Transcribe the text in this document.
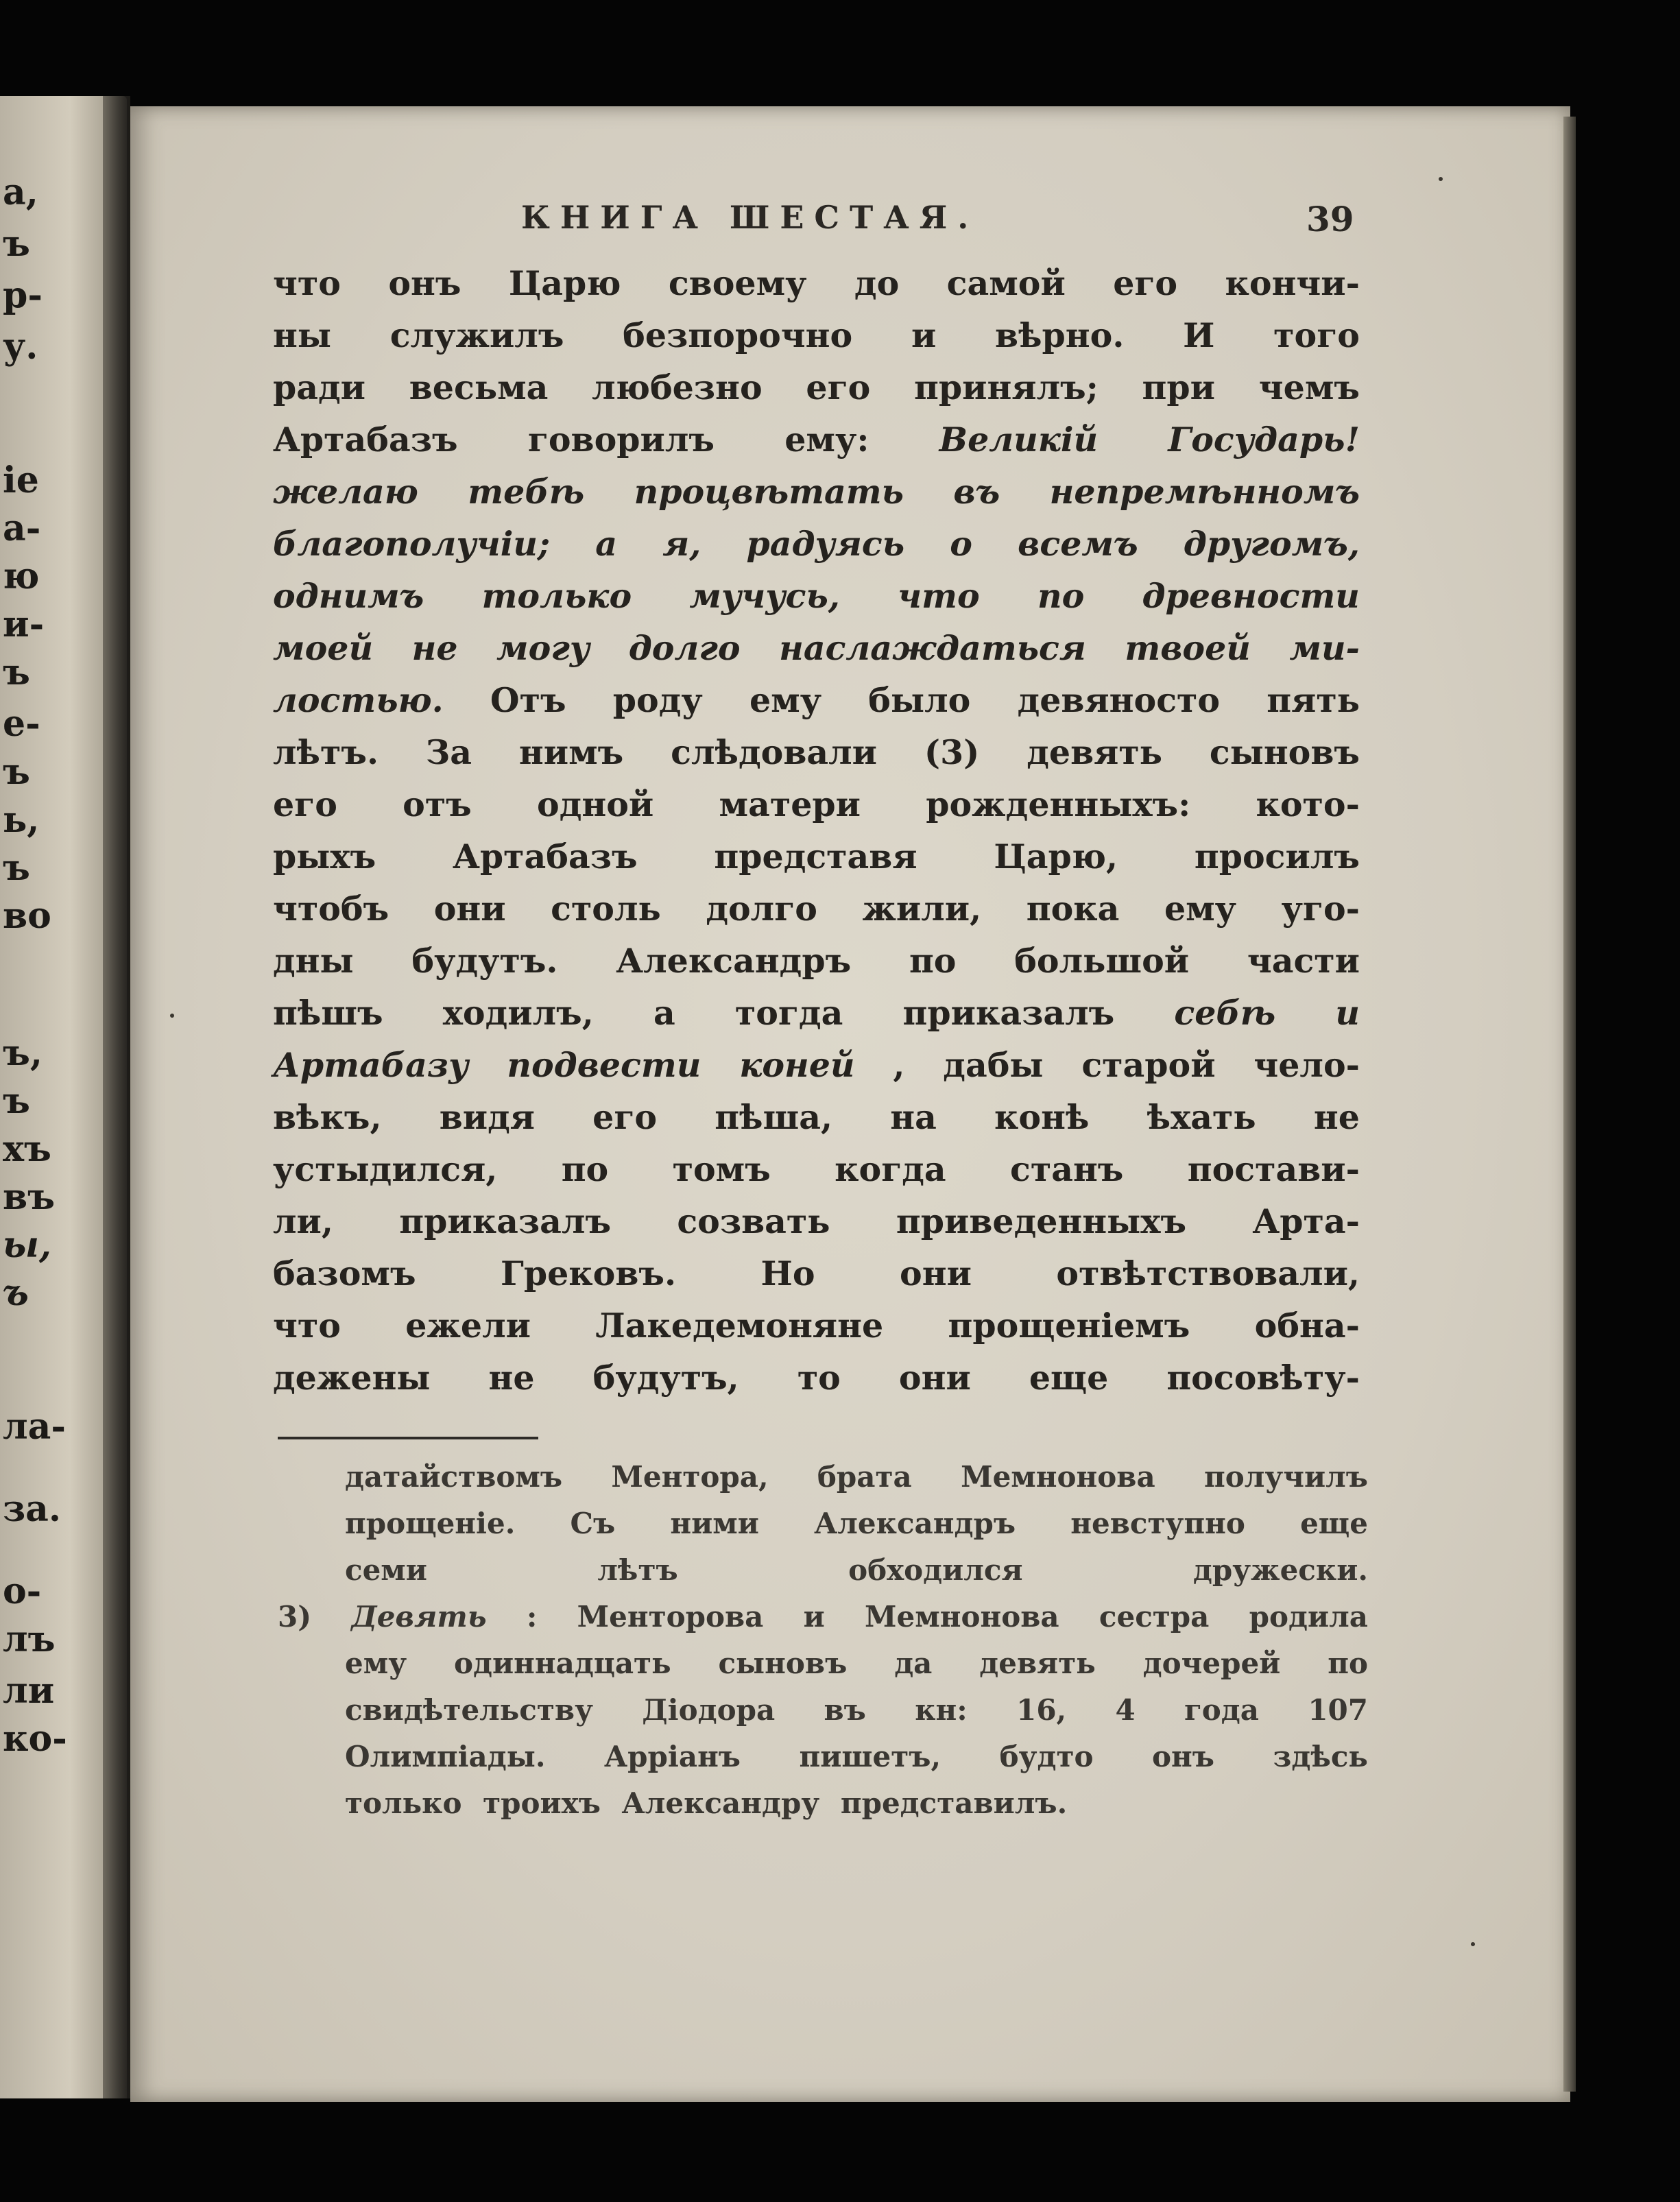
а,
ъ
р-
у.
іе
а-
ю
и-
ъ
е-
ъ
ь,
ъ
во
ъ,
ъ
хъ
въ
ы,
ъ
ла-
за.
о-
лъ
ли
ко-
КНИГА ШЕСТАЯ.	39
что онъ Царю своему до самой его кончи-
ны служилъ безпорочно и вѣрно. И того
ради весьма любезно его принялъ; при чемъ
Артабазъ говорилъ ему: Великій Государь!
желаю тебѣ процвѣтать въ непремѣнномъ
благополучіи; а я, радуясь о всемъ другомъ,
однимъ только мучусь, что по древности
моей не могу долго наслаждаться твоей ми-
лостью. Отъ роду ему было девяносто пять
лѣтъ. За нимъ слѣдовали (3) девять сыновъ
его отъ одной матери рожденныхъ: кото-
рыхъ Артабазъ представя Царю, просилъ
чтобъ они столь долго жили, пока ему уго-
дны будутъ. Александръ по большой части
пѣшъ ходилъ, а тогда приказалъ себѣ и
Артабазу подвести коней , дабы старой чело-
вѣкъ, видя его пѣша, на конѣ ѣхать не
устыдился, по томъ когда станъ постави-
ли, приказалъ созвать приведенныхъ Арта-
базомъ	Грековъ.	Но	они	отвѣтствовали,
что ежели Лакедемоняне прощеніемъ обна-
дежены не будутъ, то они еще посовѣту-
датайствомъ Ментора, брата Мемнонова получилъ
прощеніе. Съ ними Александръ невступно еще
семи	лѣтъ	обходился	дружески.
3) Девять : Менторова и Мемнонова сестра родила
ему одиннадцать сыновъ да девять дочерей по
свидѣтельству Діодора въ кн: 16, 4 года 107
Олимпіады. Арріанъ пишетъ, будто онъ здѣсь
только троихъ Александру представилъ.
